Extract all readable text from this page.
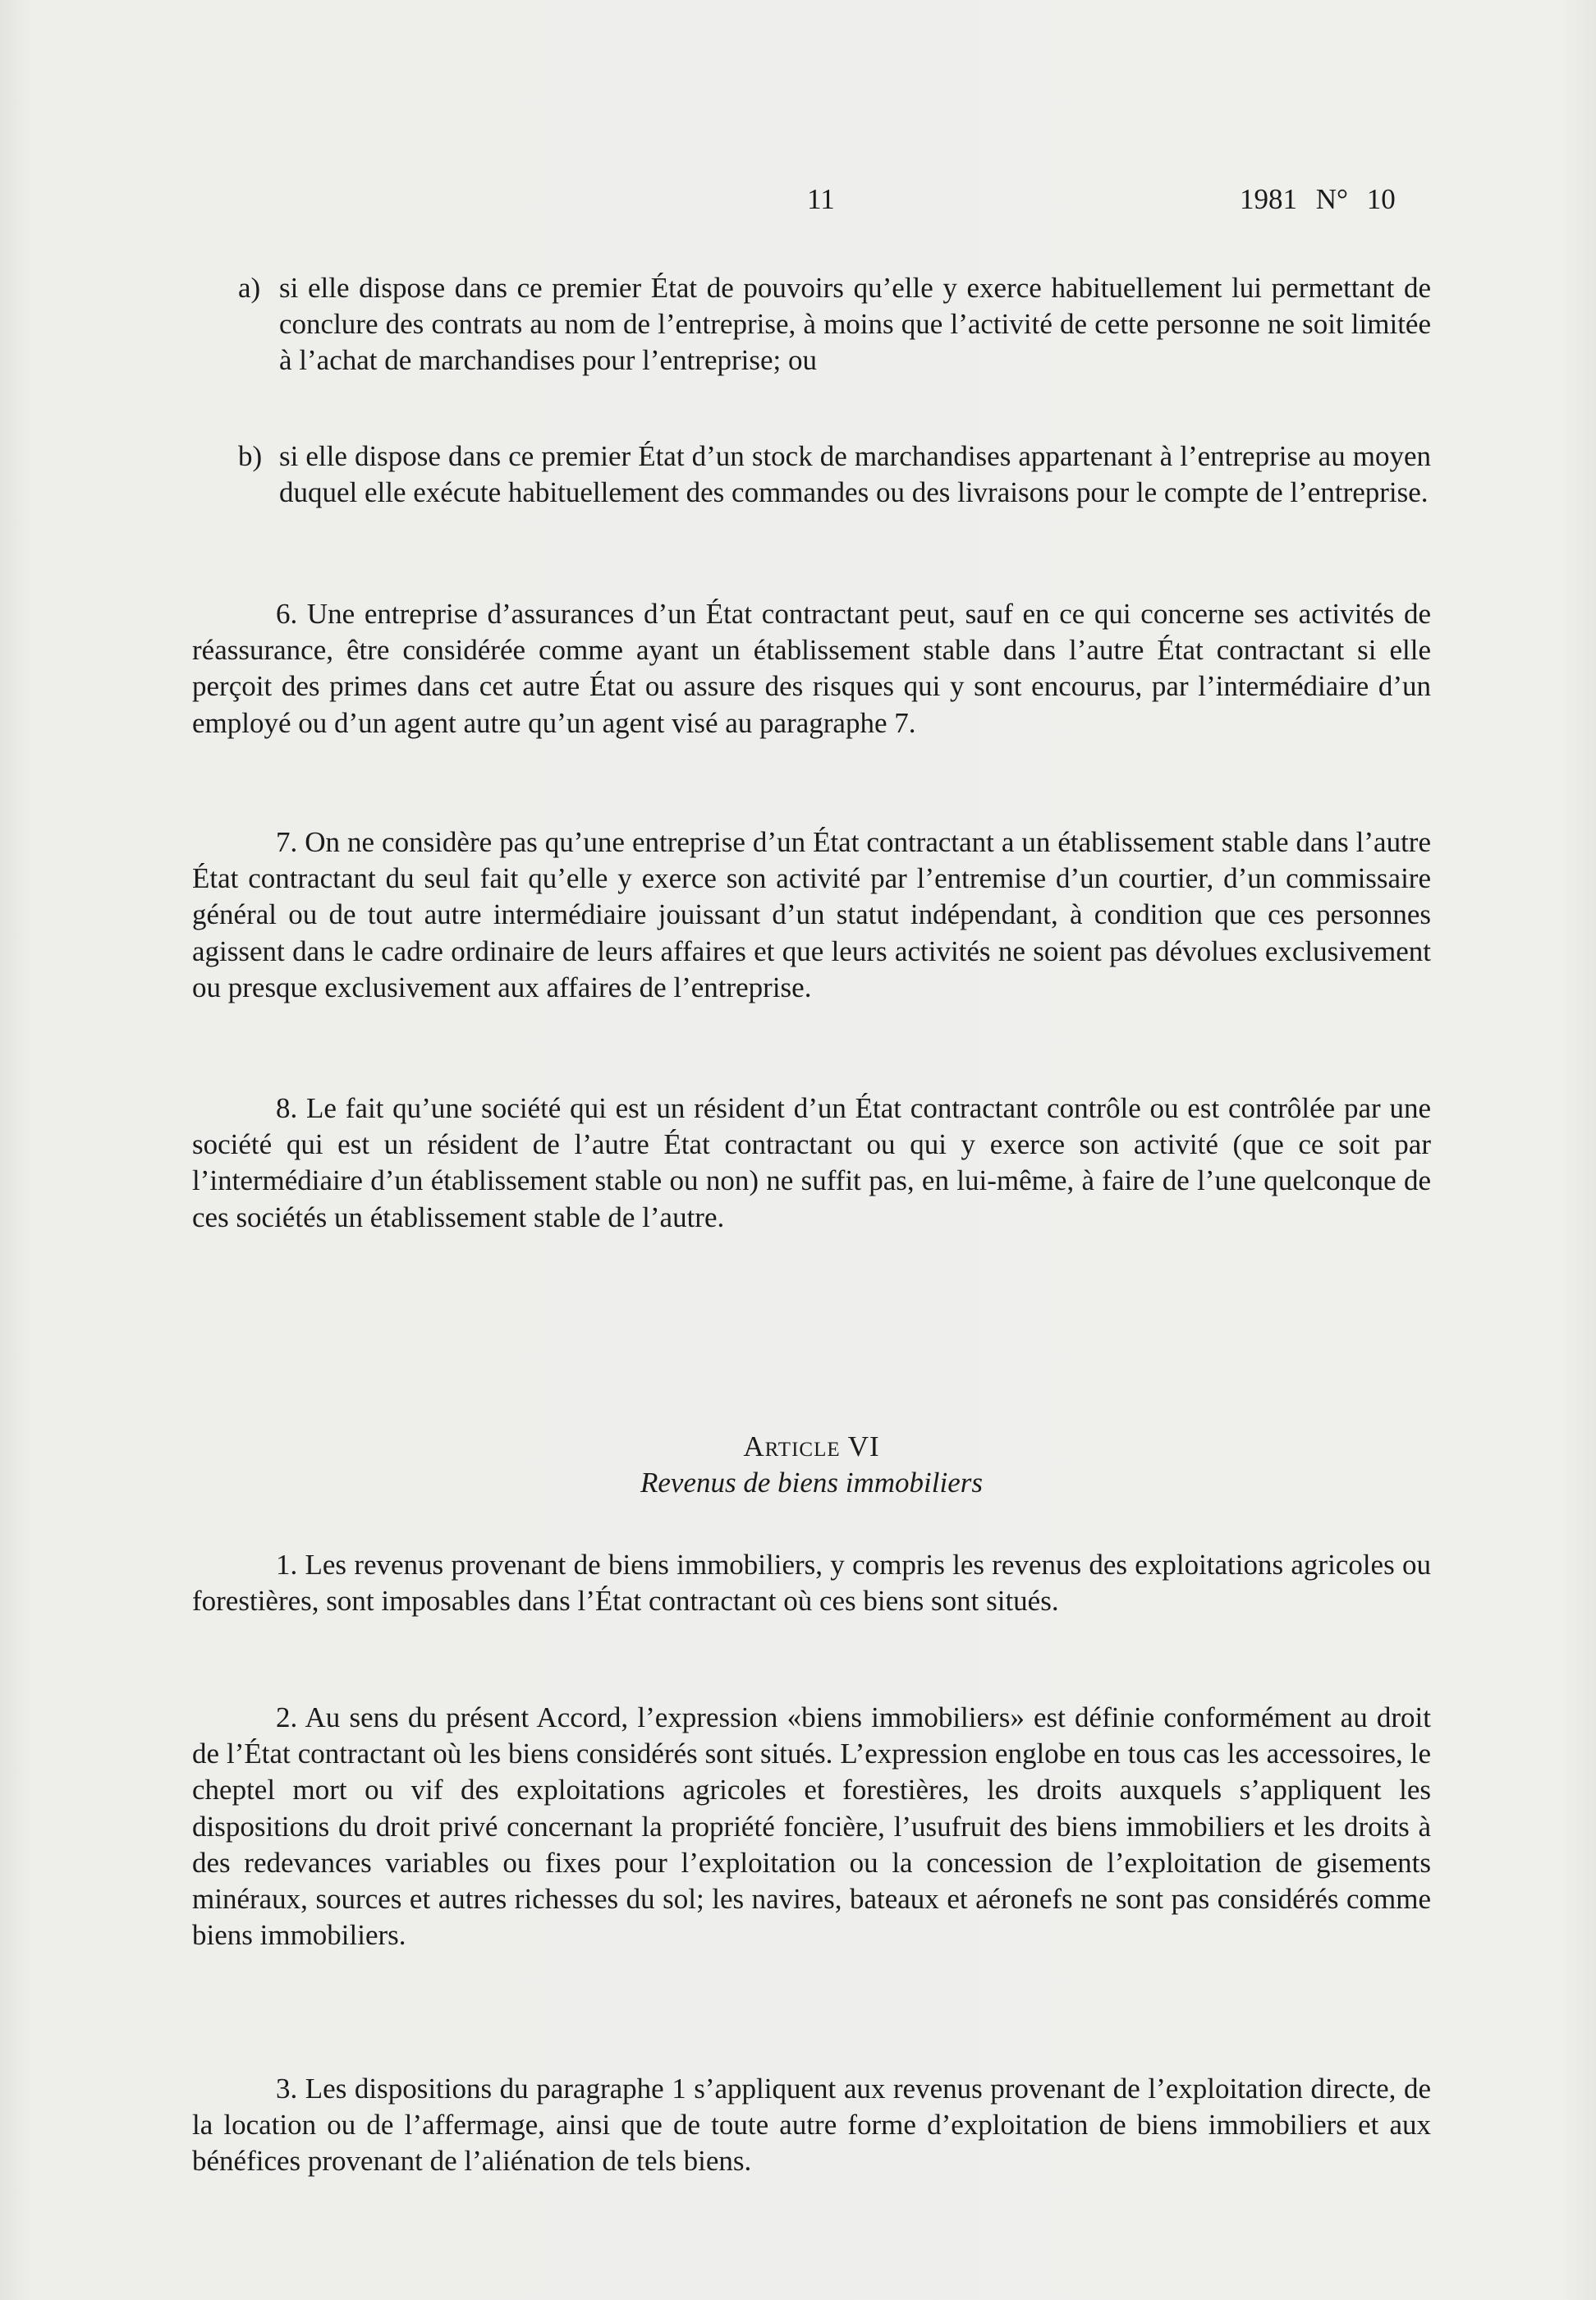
11	1981 N° 10
a) si elle dispose dans ce premier État de pouvoirs qu’elle y exerce habituellement lui permettant de conclure des contrats au nom de l’entreprise, à moins que l’activité de cette personne ne soit limitée à l’achat de marchandises pour l’entreprise; ou
b) si elle dispose dans ce premier État d’un stock de marchandises appartenant à l’entreprise au moyen duquel elle exécute habituellement des commandes ou des livraisons pour le compte de l’entreprise.
6. Une entreprise d’assurances d’un État contractant peut, sauf en ce qui concerne ses activités de réassurance, être considérée comme ayant un établissement stable dans l’autre État contractant si elle perçoit des primes dans cet autre État ou assure des risques qui y sont encourus, par l’intermédiaire d’un employé ou d’un agent autre qu’un agent visé au paragraphe 7.
7. On ne considère pas qu’une entreprise d’un État contractant a un établissement stable dans l’autre État contractant du seul fait qu’elle y exerce son activité par l’entremise d’un courtier, d’un commissaire général ou de tout autre intermédiaire jouissant d’un statut indépendant, à condition que ces personnes agissent dans le cadre ordinaire de leurs affaires et que leurs activités ne soient pas dévolues exclusivement ou presque exclusivement aux affaires de l’entreprise.
8. Le fait qu’une société qui est un résident d’un État contractant contrôle ou est contrôlée par une société qui est un résident de l’autre État contractant ou qui y exerce son activité (que ce soit par l’intermédiaire d’un établissement stable ou non) ne suffit pas, en lui-même, à faire de l’une quelconque de ces sociétés un établissement stable de l’autre.
Article VI
Revenus de biens immobiliers
1. Les revenus provenant de biens immobiliers, y compris les revenus des exploitations agricoles ou forestières, sont imposables dans l’État contractant où ces biens sont situés.
2. Au sens du présent Accord, l’expression «biens immobiliers» est définie conformément au droit de l’État contractant où les biens considérés sont situés. L’expression englobe en tous cas les accessoires, le cheptel mort ou vif des exploitations agricoles et forestières, les droits auxquels s’appliquent les dispositions du droit privé concernant la propriété foncière, l’usufruit des biens immobiliers et les droits à des redevances variables ou fixes pour l’exploitation ou la concession de l’exploitation de gisements minéraux, sources et autres richesses du sol; les navires, bateaux et aéronefs ne sont pas considérés comme biens immobiliers.
3. Les dispositions du paragraphe 1 s’appliquent aux revenus provenant de l’exploitation directe, de la location ou de l’affermage, ainsi que de toute autre forme d’exploitation de biens immobiliers et aux bénéfices provenant de l’aliénation de tels biens.
